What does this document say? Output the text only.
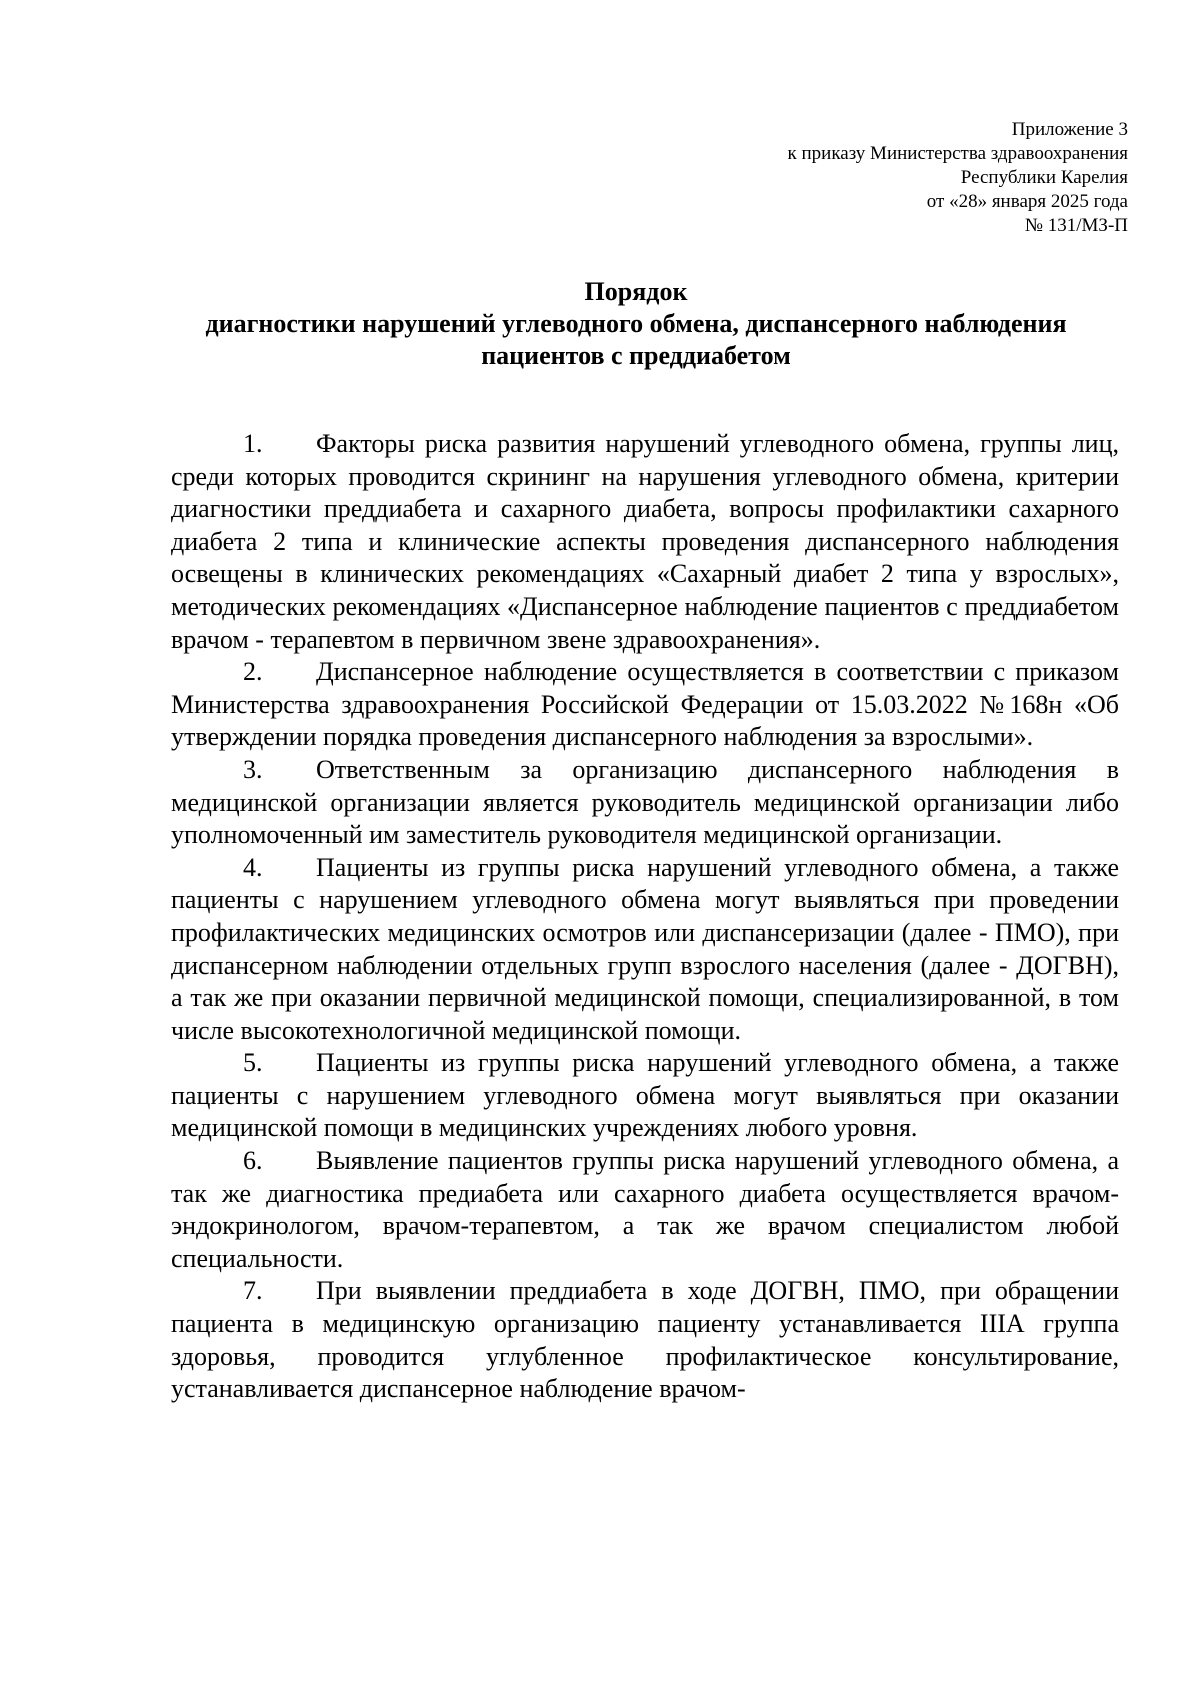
Приложение 3
к приказу Министерства здравоохранения
Республики Карелия
от «28» января 2025 года
№ 131/МЗ-П
Порядок
диагностики нарушений углеводного обмена, диспансерного наблюдения
пациентов с преддиабетом

1. Факторы риска развития нарушений углеводного обмена, группы лиц, среди которых проводится скрининг на нарушения углеводного обмена, критерии диагностики преддиабета и сахарного диабета, вопросы профилактики сахарного диабета 2 типа и клинические аспекты проведения диспансерного наблюдения освещены в клинических рекомендациях «Сахарный диабет 2 типа у взрослых», методических рекомендациях «Диспансерное наблюдение пациентов с преддиабетом врачом - терапевтом в первичном звене здравоохранения».

2. Диспансерное наблюдение осуществляется в соответствии с приказом Министерства здравоохранения Российской Федерации от 15.03.2022 №168н «Об утверждении порядка проведения диспансерного наблюдения за взрослыми».

3. Ответственным за организацию диспансерного наблюдения в медицинской организации является руководитель медицинской организации либо уполномоченный им заместитель руководителя медицинской организации.

4. Пациенты из группы риска нарушений углеводного обмена, а также пациенты с нарушением углеводного обмена могут выявляться при проведении профилактических медицинских осмотров или диспансеризации (далее - ПМО), при диспансерном наблюдении отдельных групп взрослого населения (далее - ДОГВН), а так же при оказании первичной медицинской помощи, специализированной, в том числе высокотехнологичной медицинской помощи.

5. Пациенты из группы риска нарушений углеводного обмена, а также пациенты с нарушением углеводного обмена могут выявляться при оказании медицинской помощи в медицинских учреждениях любого уровня.

6. Выявление пациентов группы риска нарушений углеводного обмена, а так же диагностика предиабета или сахарного диабета осуществляется врачом-эндокринологом, врачом-терапевтом, а так же врачом специалистом любой специальности.

7. При выявлении преддиабета в ходе ДОГВН, ПМО, при обращении пациента в медицинскую организацию пациенту устанавливается IIIА группа здоровья, проводится углубленное профилактическое консультирование, устанавливается диспансерное наблюдение врачом-
